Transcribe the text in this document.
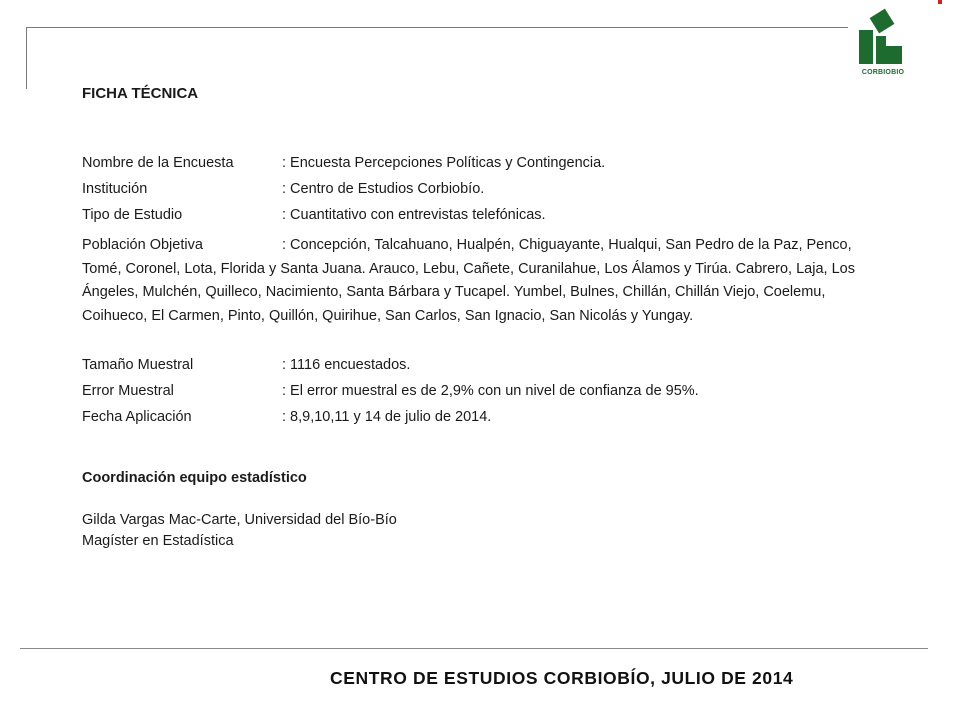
CORBIOBIO
FICHA TÉCNICA
Nombre de la Encuesta	: Encuesta Percepciones Políticas y Contingencia.
Institución	: Centro de Estudios Corbiobío.
Tipo de Estudio	: Cuantitativo con entrevistas telefónicas.

Población Objetiva	: Concepción, Talcahuano, Hualpén, Chiguayante, Hualqui, San Pedro de la Paz, Penco, Tomé, Coronel, Lota, Florida y Santa Juana. Arauco, Lebu, Cañete, Curanilahue, Los Álamos y Tirúa. Cabrero, Laja, Los Ángeles, Mulchén, Quilleco, Nacimiento, Santa Bárbara y Tucapel. Yumbel, Bulnes, Chillán, Chillán Viejo, Coelemu, Coihueco, El Carmen, Pinto, Quillón, Quirihue, San Carlos, San Ignacio, San Nicolás y Yungay.

Tamaño Muestral	: 1116 encuestados.
Error Muestral	: El error muestral es de 2,9% con un nivel de confianza de 95%.
Fecha Aplicación	: 8,9,10,11 y 14 de julio de 2014.
Coordinación equipo estadístico
Gilda Vargas Mac-Carte, Universidad del Bío-Bío
Magíster en Estadística
CENTRO DE ESTUDIOS CORBIOBÍO, JULIO DE 2014
